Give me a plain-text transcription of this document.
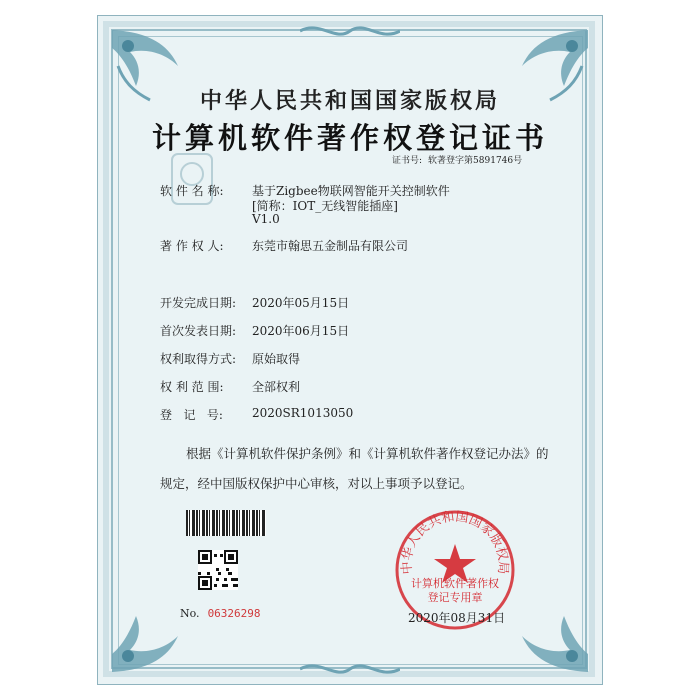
中华人民共和国国家版权局
计算机软件著作权登记证书
证书号: 软著登字第5891746号
软 件 名 称: 基于Zigbee物联网智能开关控制软件
[简称：IOT_无线智能插座]
V1.0
著 作 权 人: 东莞市翰思五金制品有限公司
开发完成日期: 2020年05月15日
首次发表日期: 2020年06月15日
权利取得方式: 原始取得
权 利 范 围: 全部权利
登   记   号: 2020SR1013050
根据《计算机软件保护条例》和《计算机软件著作权登记办法》的
规定，经中国版权保护中心审核，对以上事项予以登记。
No. 06326298
中华人民共和国国家版权局
计算机软件著作权
登记专用章
2020年08月31日
